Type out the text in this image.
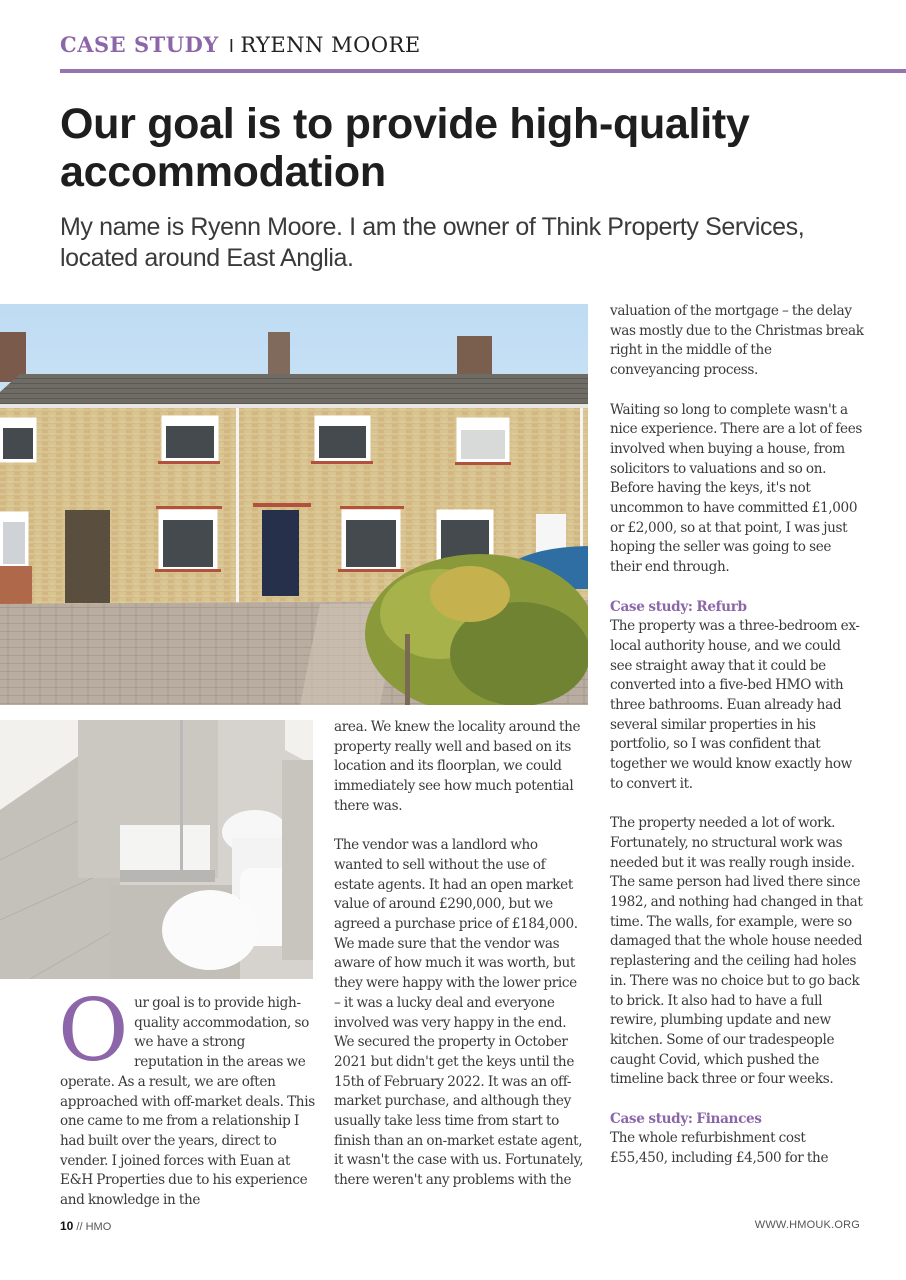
CASE STUDY I RYENN MOORE
Our goal is to provide high-quality accommodation

My name is Ryenn Moore. I am the owner of Think Property Services, located around East Anglia.

Our goal is to provide high-quality accommodation, so we have a strong reputation in the areas we operate. As a result, we are often approached with off-market deals. This one came to me from a relationship I had built over the years, direct to vender. I joined forces with Euan at E&H Properties due to his experience and knowledge in the

area. We knew the locality around the property really well and based on its location and its floorplan, we could immediately see how much potential there was.

The vendor was a landlord who wanted to sell without the use of estate agents. It had an open market value of around £290,000, but we agreed a purchase price of £184,000. We made sure that the vendor was aware of how much it was worth, but they were happy with the lower price – it was a lucky deal and everyone involved was very happy in the end. We secured the property in October 2021 but didn't get the keys until the 15th of February 2022. It was an off-market purchase, and although they usually take less time from start to finish than an on-market estate agent, it wasn't the case with us. Fortunately, there weren't any problems with the

valuation of the mortgage – the delay was mostly due to the Christmas break right in the middle of the conveyancing process.

Waiting so long to complete wasn't a nice experience. There are a lot of fees involved when buying a house, from solicitors to valuations and so on. Before having the keys, it's not uncommon to have committed £1,000 or £2,000, so at that point, I was just hoping the seller was going to see their end through.

Case study: Refurb
The property was a three-bedroom ex-local authority house, and we could see straight away that it could be converted into a five-bed HMO with three bathrooms. Euan already had several similar properties in his portfolio, so I was confident that together we would know exactly how to convert it.

The property needed a lot of work. Fortunately, no structural work was needed but it was really rough inside. The same person had lived there since 1982, and nothing had changed in that time. The walls, for example, were so damaged that the whole house needed replastering and the ceiling had holes in. There was no choice but to go back to brick. It also had to have a full rewire, plumbing update and new kitchen. Some of our tradespeople caught Covid, which pushed the timeline back three or four weeks.

Case study: Finances
The whole refurbishment cost £55,450, including £4,500 for the

10 // HMO	WWW.HMOUK.ORG
